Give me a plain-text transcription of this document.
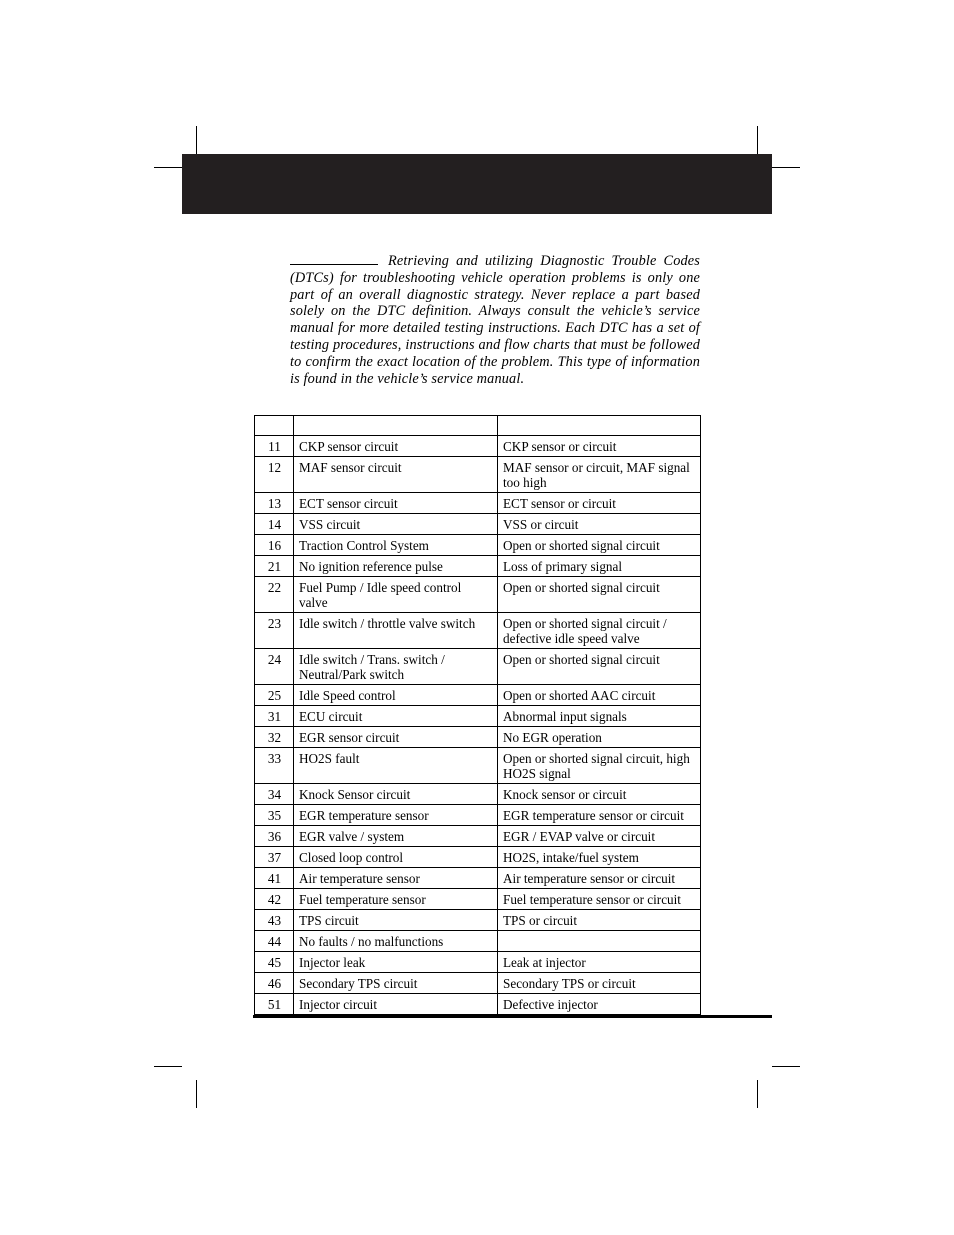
Retrieving and utilizing Diagnostic Trouble Codes (DTCs) for troubleshooting vehicle operation problems is only one part of an overall diagnostic strategy. Never replace a part based solely on the DTC definition. Always consult the vehicle’s service manual for more detailed testing instructions. Each DTC has a set of testing procedures, instructions and flow charts that must be followed to confirm the exact location of the problem. This type of information is found in the vehicle’s service manual.

11	CKP sensor circuit	CKP sensor or circuit
12	MAF sensor circuit	MAF sensor or circuit, MAF signal too high
13	ECT sensor circuit	ECT sensor or circuit
14	VSS circuit	VSS or circuit
16	Traction Control System	Open or shorted signal circuit
21	No ignition reference pulse	Loss of primary signal
22	Fuel Pump / Idle speed control valve	Open or shorted signal circuit
23	Idle switch / throttle valve switch	Open or shorted signal circuit / defective idle speed valve
24	Idle switch / Trans. switch / Neutral/Park switch	Open or shorted signal circuit
25	Idle Speed control	Open or shorted AAC circuit
31	ECU circuit	Abnormal input signals
32	EGR sensor circuit	No EGR operation
33	HO2S fault	Open or shorted signal circuit, high HO2S signal
34	Knock Sensor circuit	Knock sensor or circuit
35	EGR temperature sensor	EGR temperature sensor or circuit
36	EGR valve / system	EGR / EVAP valve or circuit
37	Closed loop control	HO2S, intake/fuel system
41	Air temperature sensor	Air temperature sensor or circuit
42	Fuel temperature sensor	Fuel temperature sensor or circuit
43	TPS circuit	TPS or circuit
44	No faults / no malfunctions	
45	Injector leak	Leak at injector
46	Secondary TPS circuit	Secondary TPS or circuit
51	Injector circuit	Defective injector
